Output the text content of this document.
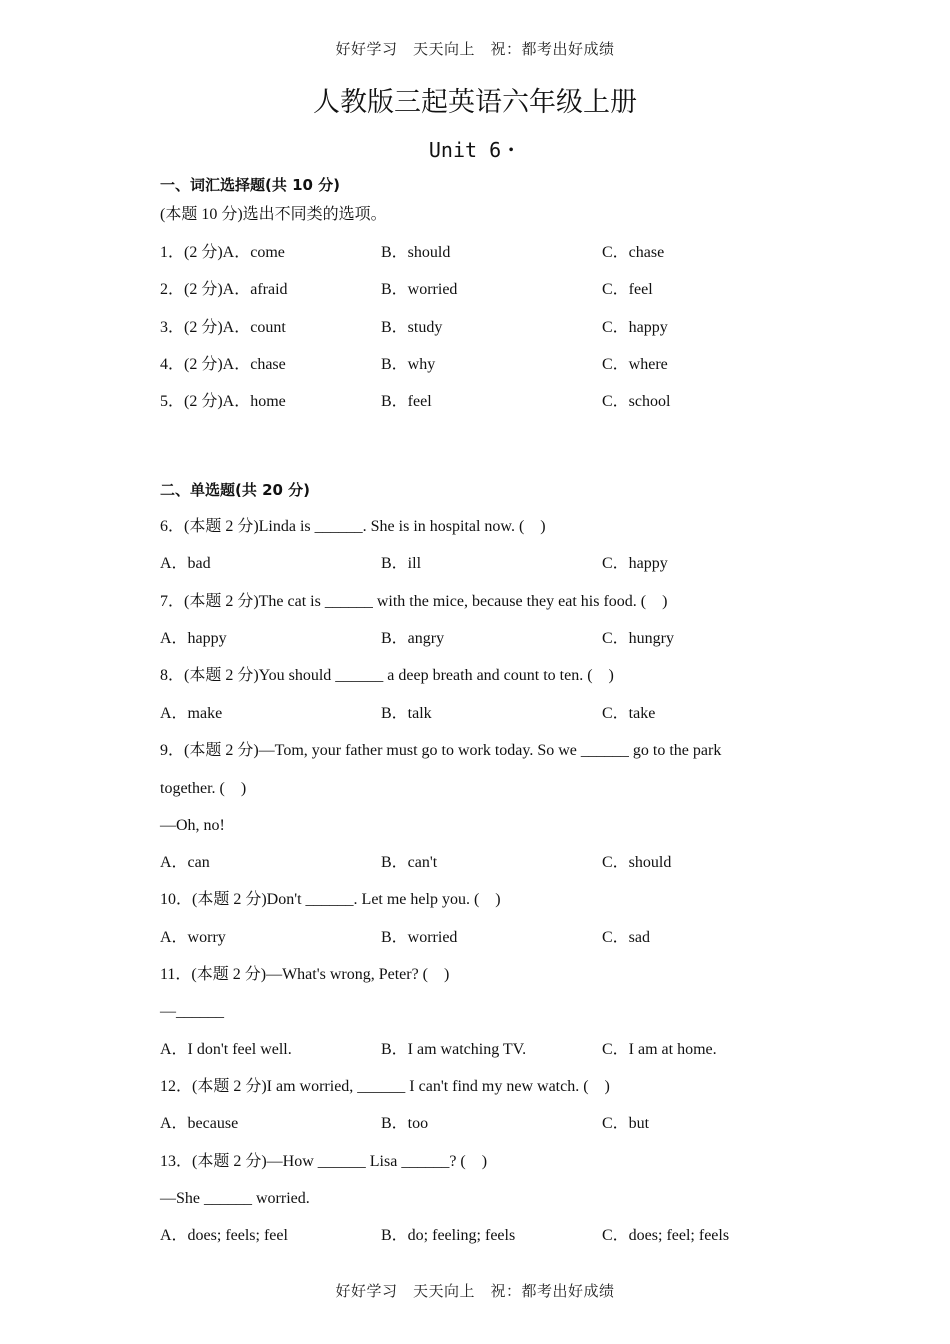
好好学习　天天向上　祝：都考出好成绩
人教版三起英语六年级上册
Unit 6・
一、词汇选择题(共 10 分)
(本题 10 分)选出不同类的选项。
1．(2 分)A．come	B．should	C．chase
2．(2 分)A．afraid	B．worried	C．feel
3．(2 分)A．count	B．study	C．happy
4．(2 分)A．chase	B．why	C．where
5．(2 分)A．home	B．feel	C．school
二、单选题(共 20 分)
6．(本题 2 分)Linda is ______. She is in hospital now. (　)
A．bad	B．ill	C．happy
7．(本题 2 分)The cat is ______ with the mice, because they eat his food. (　)
A．happy	B．angry	C．hungry
8．(本题 2 分)You should ______ a deep breath and count to ten. (　)
A．make	B．talk	C．take
9．(本题 2 分)—Tom, your father must go to work today. So we ______ go to the park
together. (　)
—Oh, no!
A．can	B．can't	C．should
10．(本题 2 分)Don't ______. Let me help you. (　)
A．worry	B．worried	C．sad
11．(本题 2 分)—What's wrong, Peter? (　)
—______
A．I don't feel well.	B．I am watching TV.	C．I am at home.
12．(本题 2 分)I am worried, ______ I can't find my new watch. (　)
A．because	B．too	C．but
13．(本题 2 分)—How ______ Lisa ______? (　)
—She ______ worried.
A．does; feels; feel	B．do; feeling; feels	C．does; feel; feels
好好学习　天天向上　祝：都考出好成绩
